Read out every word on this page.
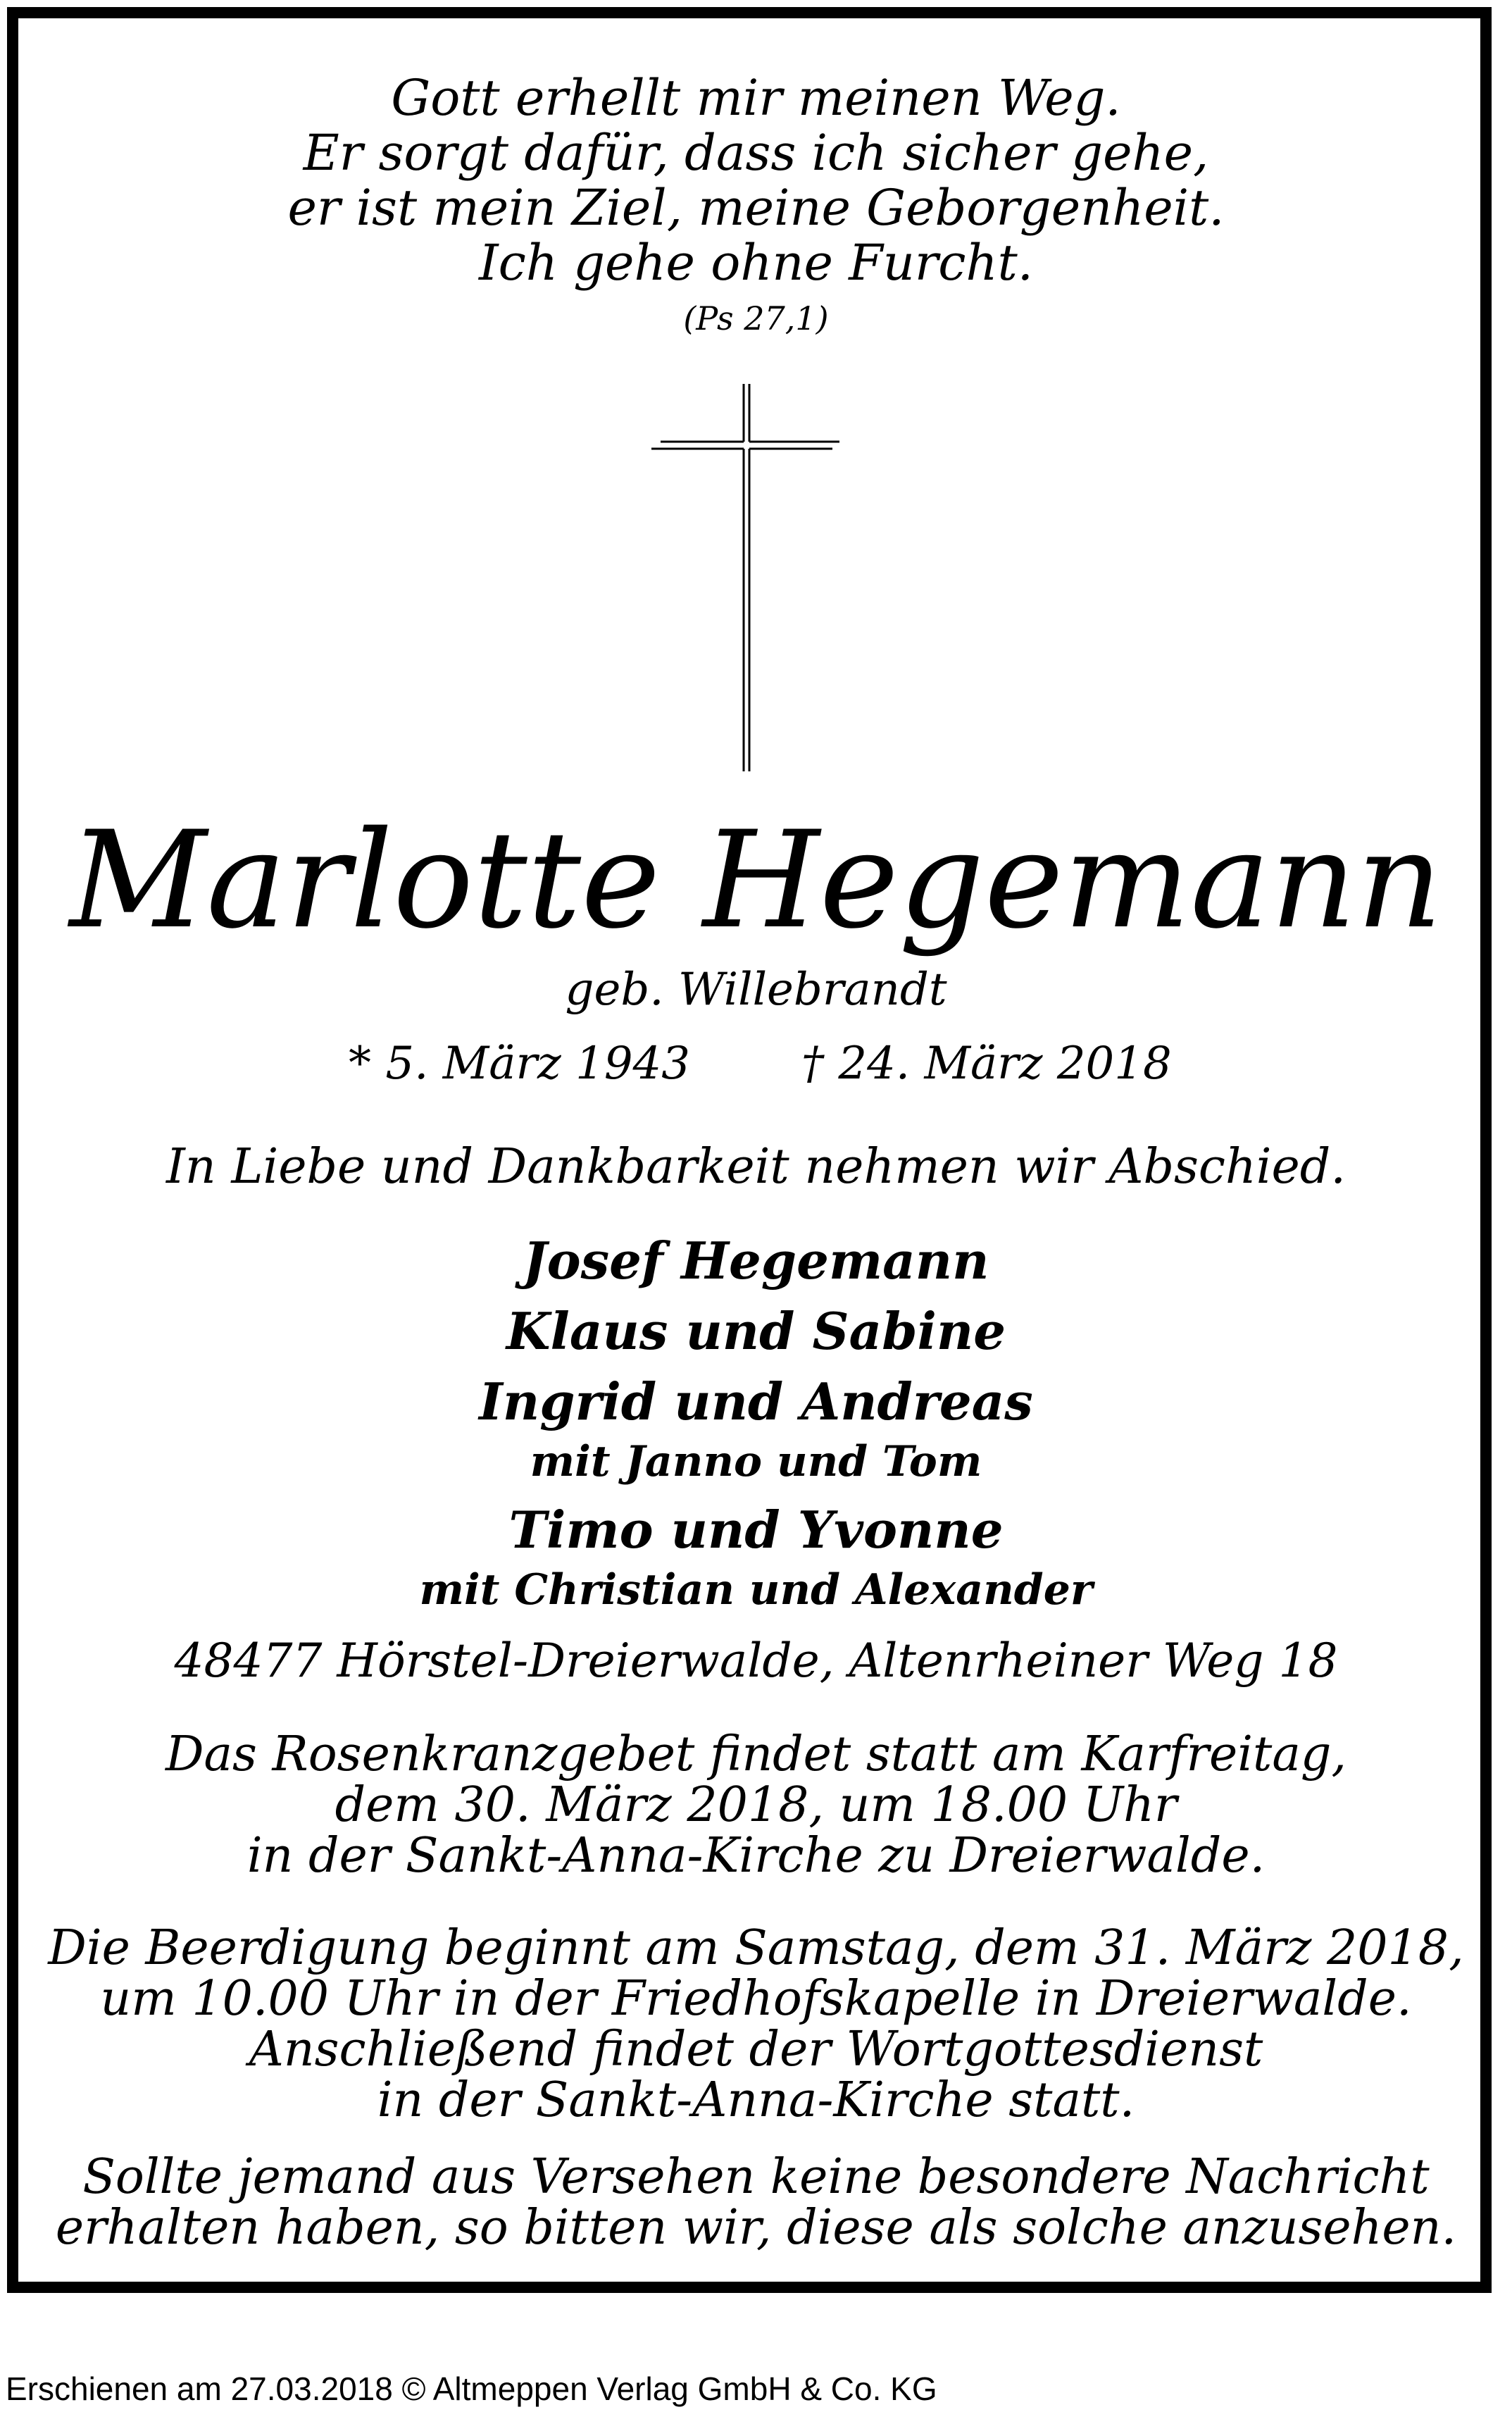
Gott erhellt mir meinen Weg.
Er sorgt dafür, dass ich sicher gehe,
er ist mein Ziel, meine Geborgenheit.
Ich gehe ohne Furcht.
(Ps 27,1)
Marlotte Hegemann
geb. Willebrandt
* 5. März 1943 † 24. März 2018
In Liebe und Dankbarkeit nehmen wir Abschied.
Josef Hegemann
Klaus und Sabine
Ingrid und Andreas
mit Janno und Tom
Timo und Yvonne
mit Christian und Alexander
48477 Hörstel-Dreierwalde, Altenrheiner Weg 18
Das Rosenkranzgebet findet statt am Karfreitag,
dem 30. März 2018, um 18.00 Uhr
in der Sankt-Anna-Kirche zu Dreierwalde.
Die Beerdigung beginnt am Samstag, dem 31. März 2018,
um 10.00 Uhr in der Friedhofskapelle in Dreierwalde.
Anschließend findet der Wortgottesdienst
in der Sankt-Anna-Kirche statt.
Sollte jemand aus Versehen keine besondere Nachricht
erhalten haben, so bitten wir, diese als solche anzusehen.
Erschienen am 27.03.2018 © Altmeppen Verlag GmbH & Co. KG
